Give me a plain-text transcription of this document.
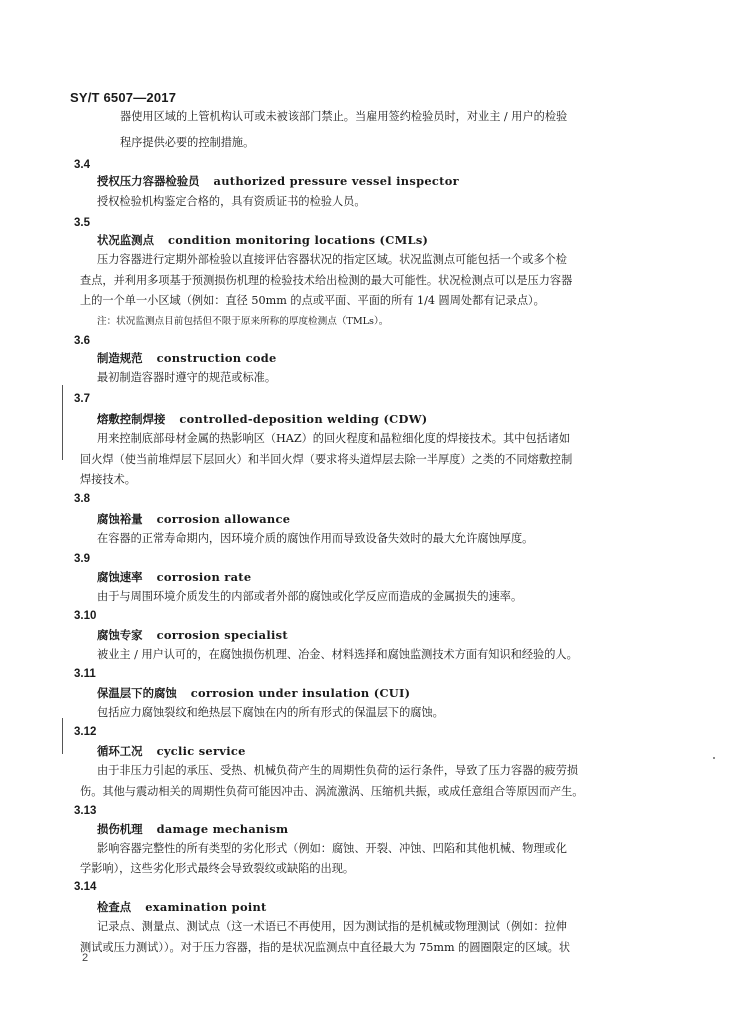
SY/T 6507—2017
器使用区域的上管机构认可或未被该部门禁止。当雇用签约检验员时，对业主 / 用户的检验
程序提供必要的控制措施。
3.4
授权压力容器检验员 authorized pressure vessel inspector
授权检验机构鉴定合格的，具有资质证书的检验人员。
3.5
状况监测点 condition monitoring locations (CMLs)
压力容器进行定期外部检验以直接评估容器状况的指定区域。状况监测点可能包括一个或多个检
查点，并利用多项基于预测损伤机理的检验技术给出检测的最大可能性。状况检测点可以是压力容器
上的一个单一小区域（例如：直径 50mm 的点或平面、平面的所有 1/4 圆周处都有记录点）。
注：状况监测点目前包括但不限于原来所称的厚度检测点（TMLs）。
3.6
制造规范 construction code
最初制造容器时遵守的规范或标准。
3.7
熔敷控制焊接 controlled-deposition welding (CDW)
用来控制底部母材金属的热影响区（HAZ）的回火程度和晶粒细化度的焊接技术。其中包括诸如
回火焊（使当前堆焊层下层回火）和半回火焊（要求将头道焊层去除一半厚度）之类的不同熔敷控制
焊接技术。
3.8
腐蚀裕量 corrosion allowance
在容器的正常寿命期内，因环境介质的腐蚀作用而导致设备失效时的最大允许腐蚀厚度。
3.9
腐蚀速率 corrosion rate
由于与周围环境介质发生的内部或者外部的腐蚀或化学反应而造成的金属损失的速率。
3.10
腐蚀专家 corrosion specialist
被业主 / 用户认可的，在腐蚀损伤机理、冶金、材料选择和腐蚀监测技术方面有知识和经验的人。
3.11
保温层下的腐蚀 corrosion under insulation (CUI)
包括应力腐蚀裂纹和绝热层下腐蚀在内的所有形式的保温层下的腐蚀。
3.12
循环工况 cyclic service
由于非压力引起的承压、受热、机械负荷产生的周期性负荷的运行条件，导致了压力容器的疲劳损
伤。其他与震动相关的周期性负荷可能因冲击、涡流激涡、压缩机共振，或成任意组合等原因而产生。
3.13
损伤机理 damage mechanism
影响容器完整性的所有类型的劣化形式（例如：腐蚀、开裂、冲蚀、凹陷和其他机械、物理或化
学影响），这些劣化形式最终会导致裂纹或缺陷的出现。
3.14
检查点 examination point
记录点、测量点、测试点（这一术语已不再使用，因为测试指的是机械或物理测试（例如：拉伸
测试或压力测试））。对于压力容器，指的是状况监测点中直径最大为 75mm 的圆圈限定的区域。状
2
